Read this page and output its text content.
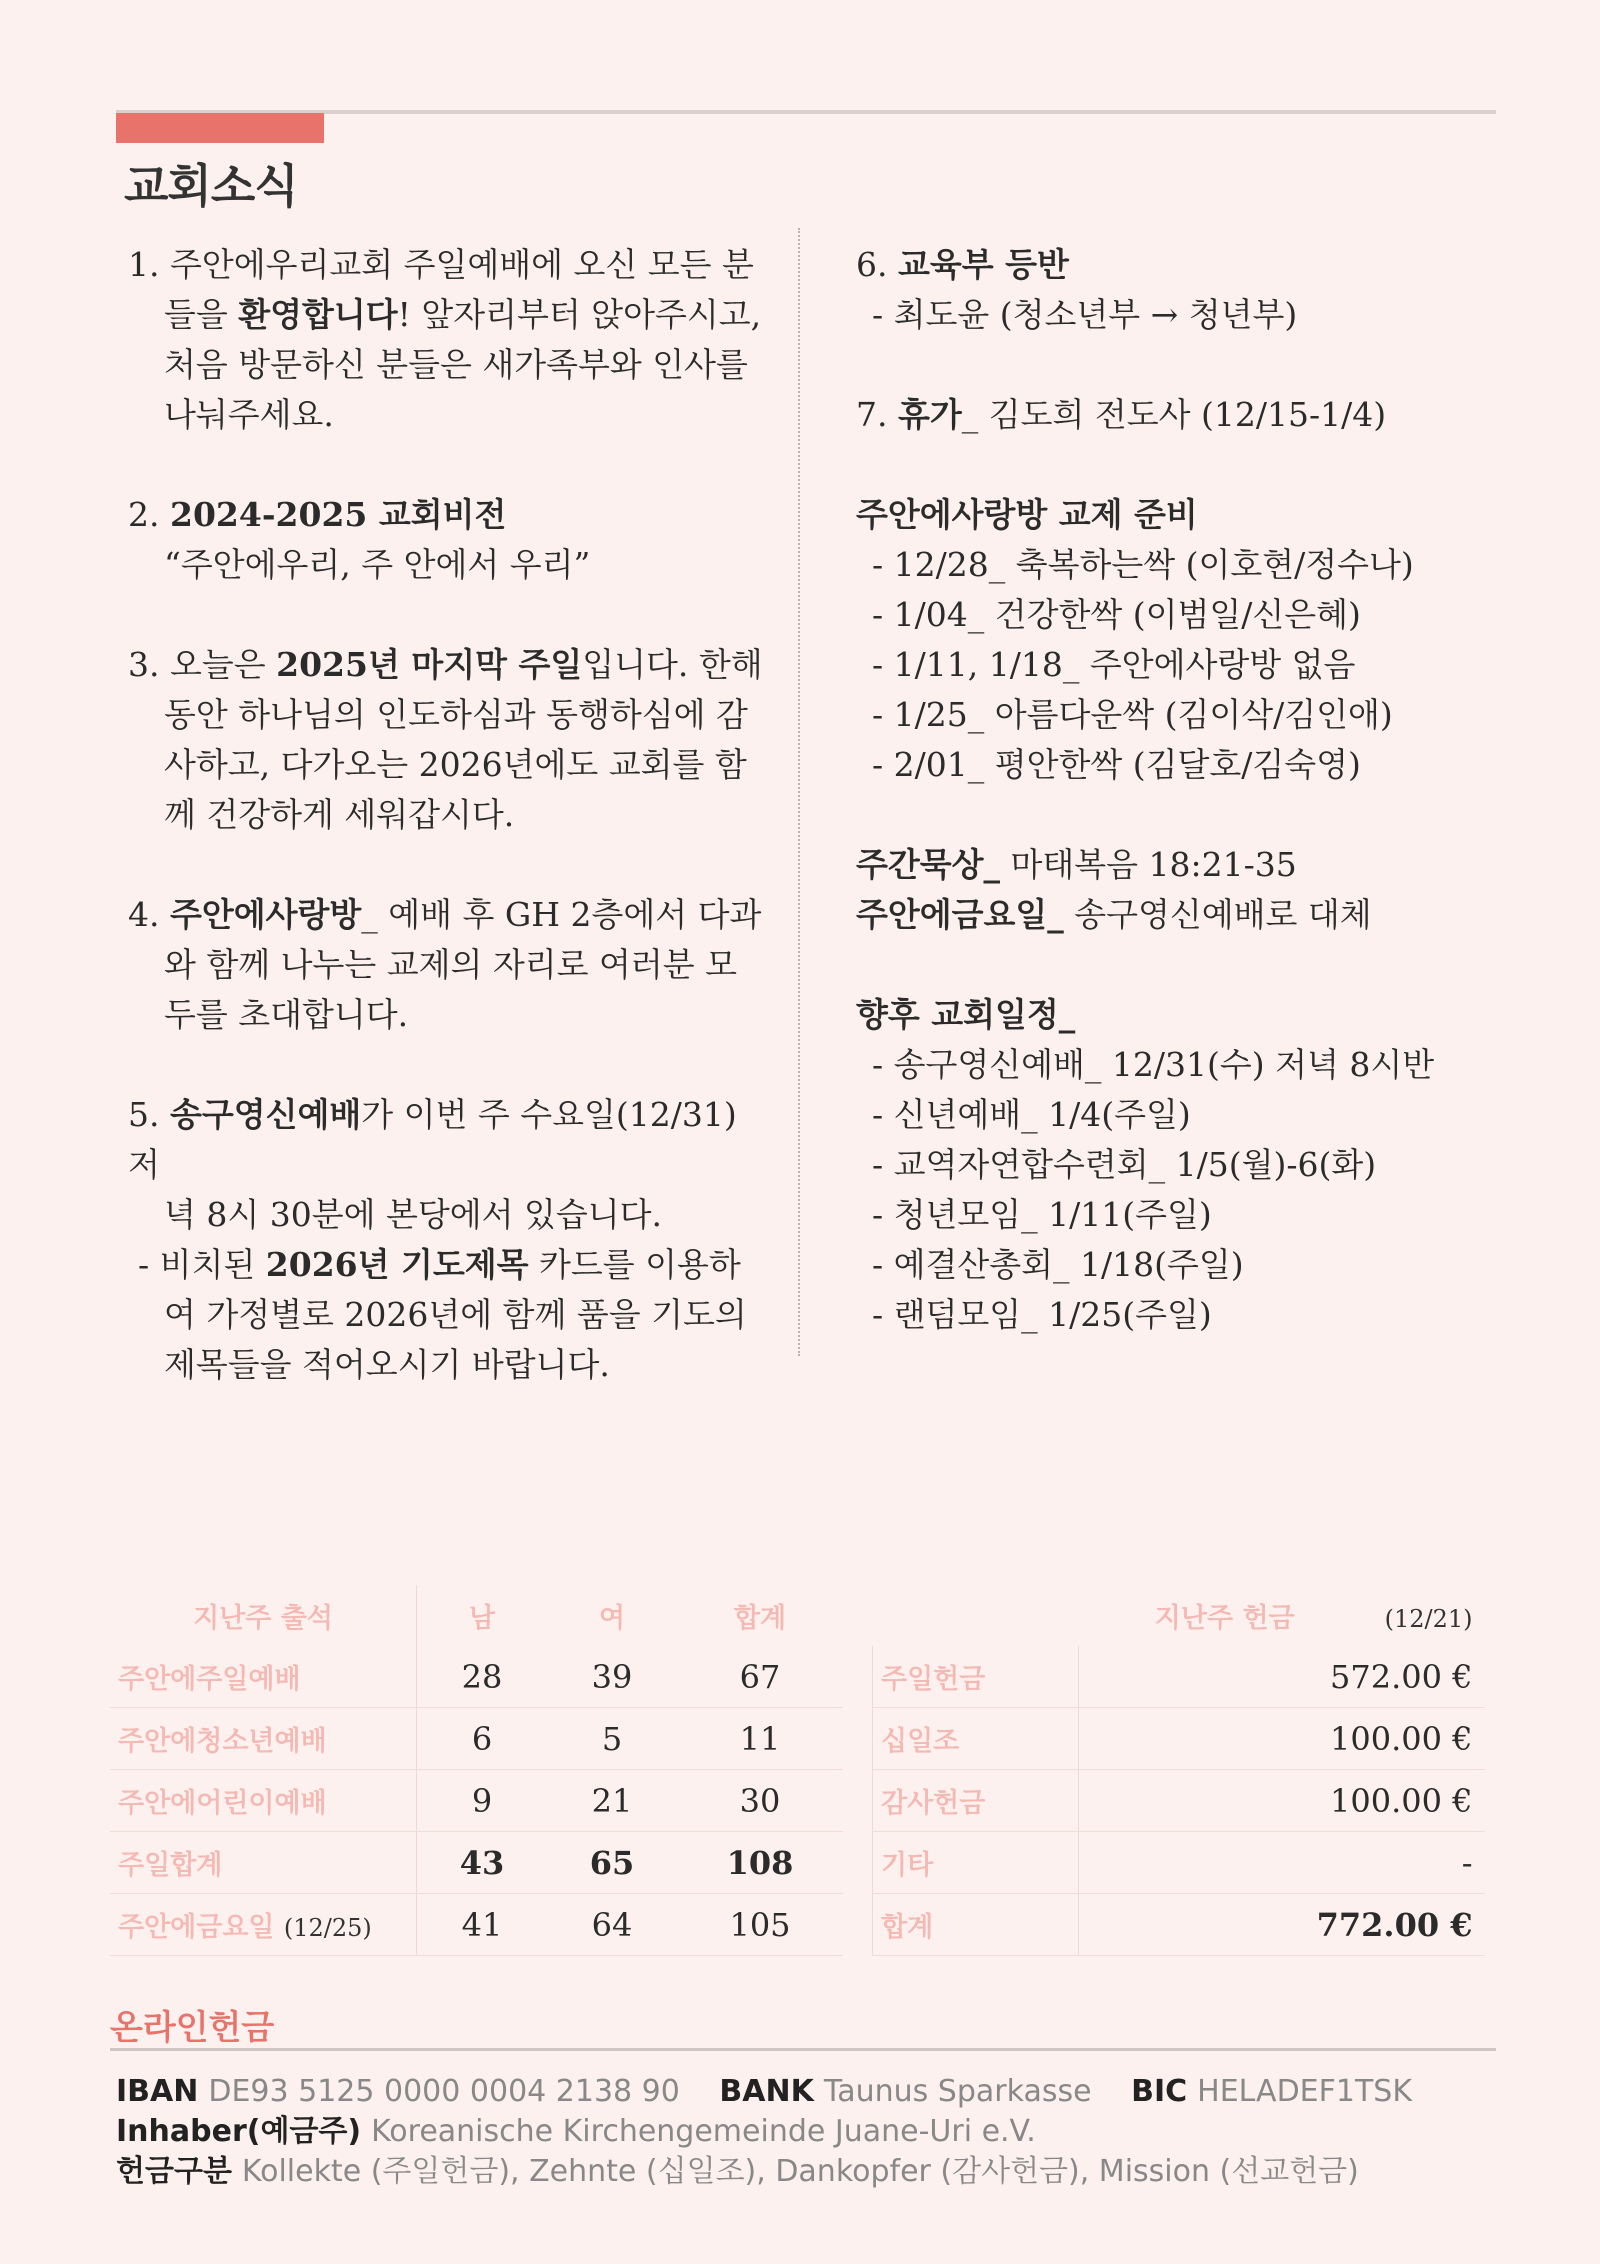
교회소식
1. 주안에우리교회 주일예배에 오신 모든 분
들을 환영합니다! 앞자리부터 앉아주시고,
처음 방문하신 분들은 새가족부와 인사를
나눠주세요.
2. 2024-2025 교회비전
“주안에우리, 주 안에서 우리”
3. 오늘은 2025년 마지막 주일입니다. 한해
동안 하나님의 인도하심과 동행하심에 감
사하고, 다가오는 2026년에도 교회를 함
께 건강하게 세워갑시다.
4. 주안에사랑방_ 예배 후 GH 2층에서 다과
와 함께 나누는 교제의 자리로 여러분 모
두를 초대합니다.
5. 송구영신예배가 이번 주 수요일(12/31) 저
녁 8시 30분에 본당에서 있습니다.
- 비치된 2026년 기도제목 카드를 이용하
여 가정별로 2026년에 함께 품을 기도의
제목들을 적어오시기 바랍니다.
6. 교육부 등반
- 최도윤 (청소년부 → 청년부)
7. 휴가_ 김도희 전도사 (12/15-1/4)
주안에사랑방 교제 준비
- 12/28_ 축복하는싹 (이호현/정수나)
- 1/04_ 건강한싹 (이범일/신은혜)
- 1/11, 1/18_ 주안에사랑방 없음
- 1/25_ 아름다운싹 (김이삭/김인애)
- 2/01_ 평안한싹 (김달호/김숙영)
주간묵상_ 마태복음 18:21-35
주안에금요일_ 송구영신예배로 대체
향후 교회일정_
- 송구영신예배_ 12/31(수) 저녁 8시반
- 신년예배_ 1/4(주일)
- 교역자연합수련회_ 1/5(월)-6(화)
- 청년모임_ 1/11(주일)
- 예결산총회_ 1/18(주일)
- 랜덤모임_ 1/25(주일)
지난주 출석	남	여	합계
주안에주일예배	28	39	67
주안에청소년예배	6	5	11
주안에어린이예배	9	21	30
주일합계	43	65	108
주안에금요일 (12/25)	41	64	105
	지난주 헌금 (12/21)
주일헌금	572.00 €
십일조	100.00 €
감사헌금	100.00 €
기타	-
합계	772.00 €
온라인헌금
IBAN DE93 5125 0000 0004 2138 90 BANK Taunus Sparkasse BIC HELADEF1TSK
Inhaber(예금주) Koreanische Kirchengemeinde Juane-Uri e.V.
헌금구분 Kollekte (주일헌금), Zehnte (십일조), Dankopfer (감사헌금), Mission (선교헌금)
